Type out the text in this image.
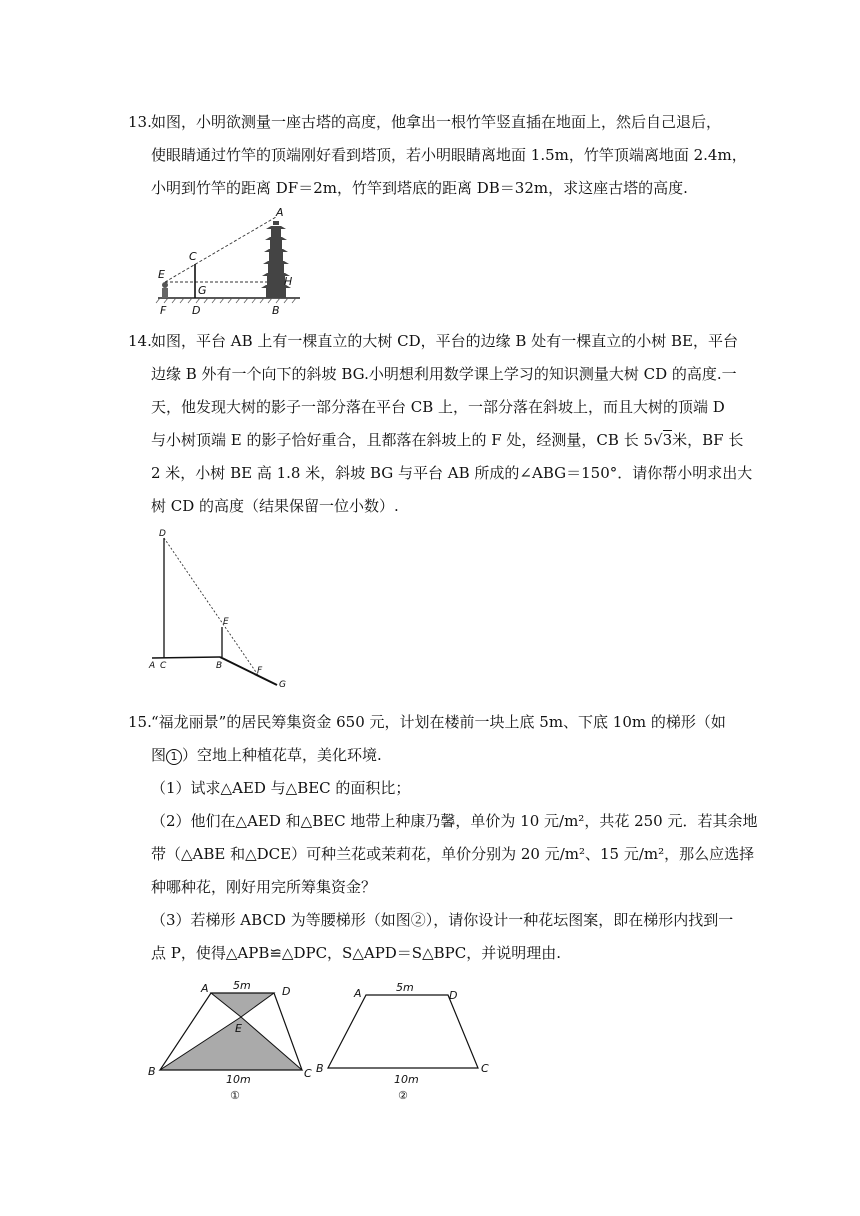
13. 如图，小明欲测量一座古塔的高度，他拿出一根竹竿竖直插在地面上，然后自己退后，
使眼睛通过竹竿的顶端刚好看到塔顶，若小明眼睛离地面 1.5m，竹竿顶端离地面 2.4m，
小明到竹竿的距离 DF＝2m，竹竿到塔底的距离 DB＝32m，求这座古塔的高度.
A
C
E
G
H
F D	B
14. 如图，平台 AB 上有一棵直立的大树 CD，平台的边缘 B 处有一棵直立的小树 BE，平台
边缘 B 外有一个向下的斜坡 BG.小明想利用数学课上学习的知识测量大树 CD 的高度.一
天，他发现大树的影子一部分落在平台 CB 上，一部分落在斜坡上，而且大树的顶端 D
与小树顶端 E 的影子恰好重合，且都落在斜坡上的 F 处，经测量，CB 长 5√3米，BF 长
2 米，小树 BE 高 1.8 米，斜坡 BG 与平台 AB 所成的∠ABG＝150°．请你帮小明求出大
树 CD 的高度（结果保留一位小数）.
D
E
A C	B	F
G
15. “福龙丽景”的居民筹集资金 650 元，计划在楼前一块上底 5m、下底 10m 的梯形（如
图 1 ）空地上种植花草，美化环境.
（1）试求△AED 与△BEC 的面积比；
（2）他们在△AED 和△BEC 地带上种康乃馨，单价为 10 元/m²，共花 250 元．若其余地
带（△ABE 和△DCE）可种兰花或茉莉花，单价分别为 20 元/m²、15 元/m²，那么应选择
种哪种花，刚好用完所筹集资金？
（3）若梯形 ABCD 为等腰梯形（如图②），请你设计一种花坛图案，即在梯形内找到一
点 P，使得△APB≌△DPC，S△APD＝S△BPC，并说明理由.
A	D
E
B	C
5m
10m
①
A	D
B	C
5m
10m
②
